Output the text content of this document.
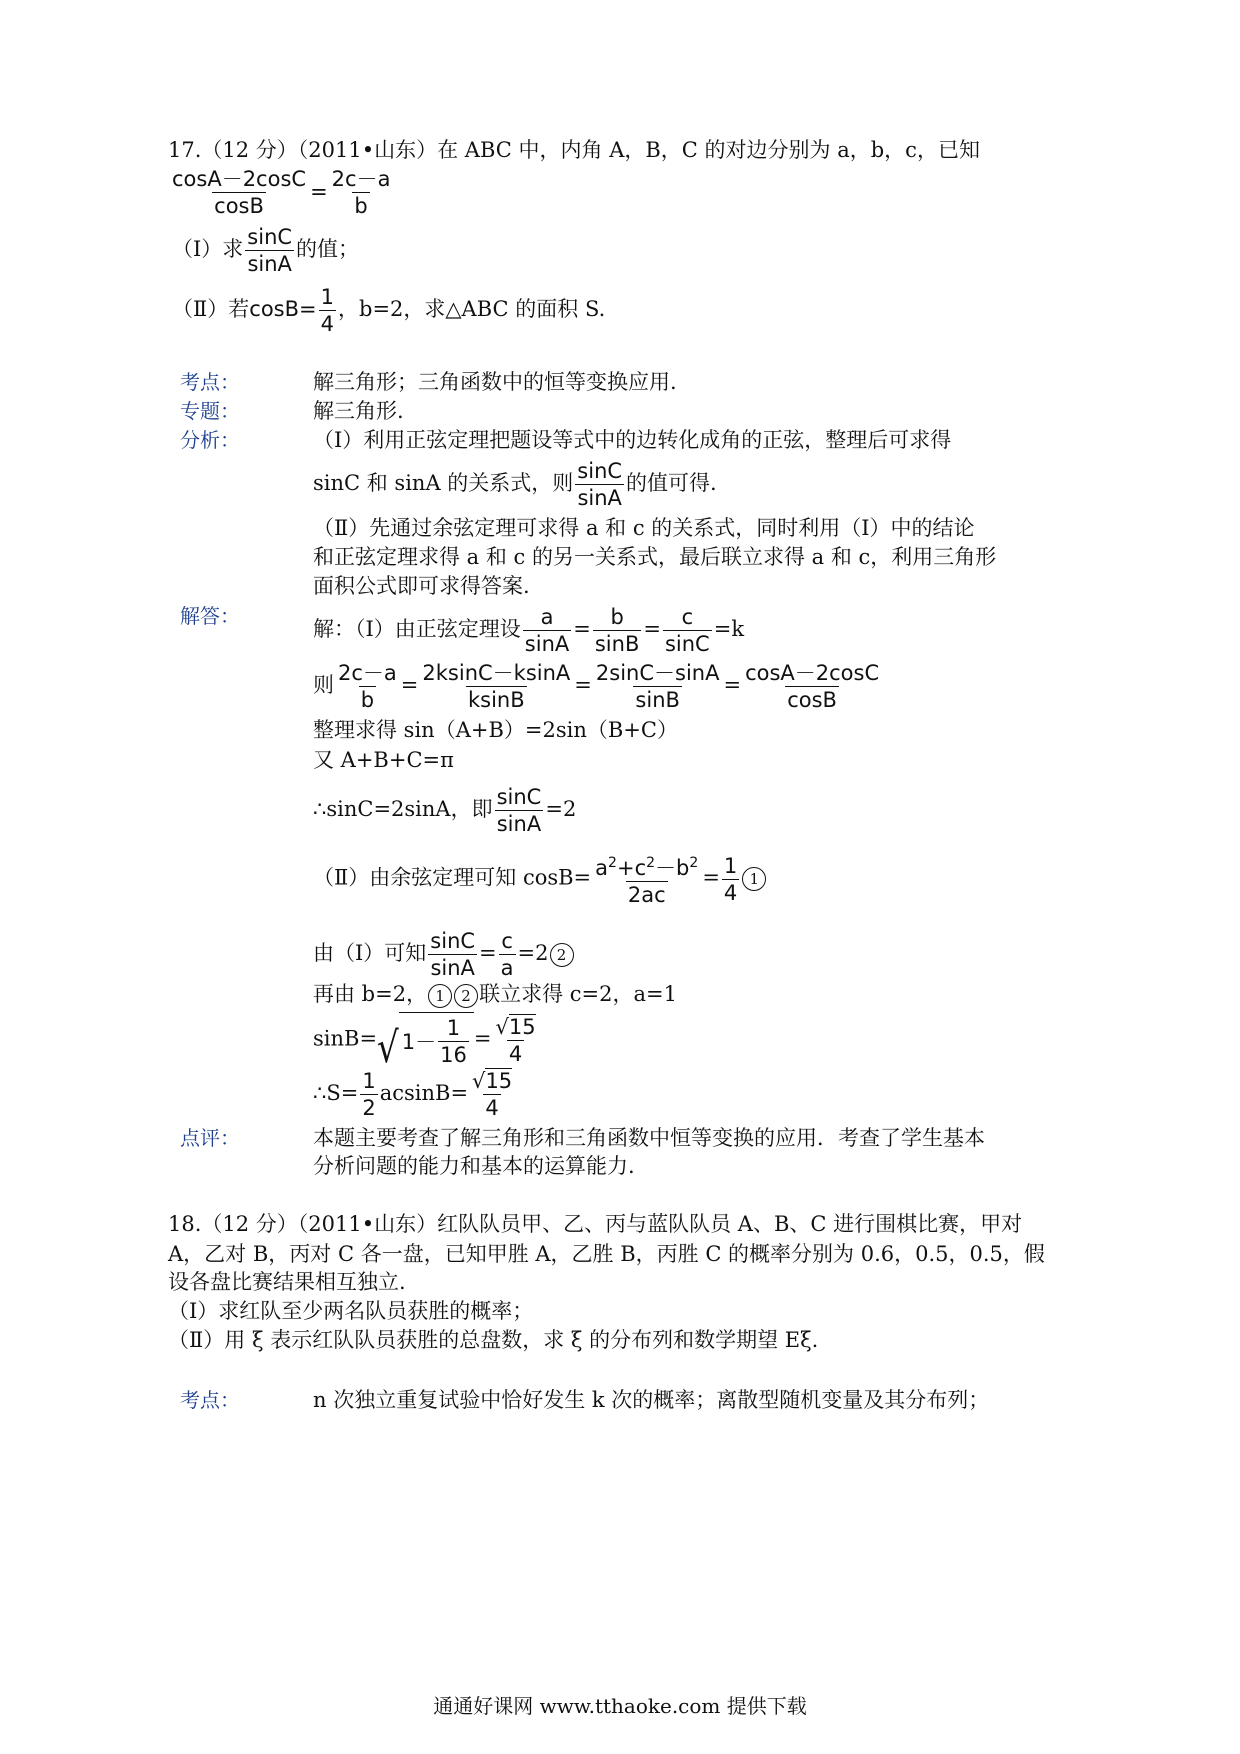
17.（12 分）（2011•山东）在 ABC 中，内角 A，B，C 的对边分别为 a，b，c，已知
$\frac{\cos A-2\cos C}{\cos B} = \frac{2c-a}{b}$
（Ⅰ）求 $\frac{\sin C}{\sin A}$ 的值；
（Ⅱ）若$\cos B= \frac{1}{4}$ ，b=2，求△ABC 的面积 S.
考点：	解三角形；三角函数中的恒等变换应用.
专题：	解三角形.
分析：	（Ⅰ）利用正弦定理把题设等式中的边转化成角的正弦，整理后可求得
sinC 和 sinA 的关系式，则 $\frac{\sin C}{\sin A}$ 的值可得.
（Ⅱ）先通过余弦定理可求得 a 和 c 的关系式，同时利用（Ⅰ）中的结论
和正弦定理求得 a 和 c 的另一关系式，最后联立求得 a 和 c，利用三角形
面积公式即可求得答案.
解答：
解：（Ⅰ）由正弦定理设 $\frac{a}{\sin A} = \frac{b}{\sin B} = \frac{c}{\sin C} =k$
则 $\frac{2c-a}{b} = \frac{2ksinC-ksinA}{ksinB} = \frac{2\sin C-\sin A}{\sin B} = \frac{\cos A-2\cos C}{\cos B}$
整理求得 sin（A+B）=2sin（B+C）
又 A+B+C=π
∴sinC=2sinA，即 $\frac{\sin C}{\sin A} =2$
（Ⅱ）由余弦定理可知 $\cos B= \frac{a^2+c^2-b^2}{2ac} = \frac{1}{4} 1$
由（Ⅰ）可知 $\frac{\sin C}{\sin A} = \frac{c}{a} =2$ 2
再由 b=2， 1 2 联立求得 c=2，a=1
sinB= √ $1- \frac{1}{16} = \frac{√15}{4}$
∴S= $\frac{1}{2} acsinB= \frac{√15}{4}$
点评：	本题主要考查了解三角形和三角函数中恒等变换的应用．考查了学生基本
分析问题的能力和基本的运算能力.
18.（12 分）（2011•山东）红队队员甲、乙、丙与蓝队队员 A、B、C 进行围棋比赛，甲对
A，乙对 B，丙对 C 各一盘，已知甲胜 A，乙胜 B，丙胜 C 的概率分别为 0.6，0.5，0.5，假
设各盘比赛结果相互独立.
（Ⅰ）求红队至少两名队员获胜的概率；
（Ⅱ）用 ξ 表示红队队员获胜的总盘数，求 ξ 的分布列和数学期望 Eξ.
考点：	n 次独立重复试验中恰好发生 k 次的概率；离散型随机变量及其分布列；
通通好课网 www.tthaoke.com 提供下载
